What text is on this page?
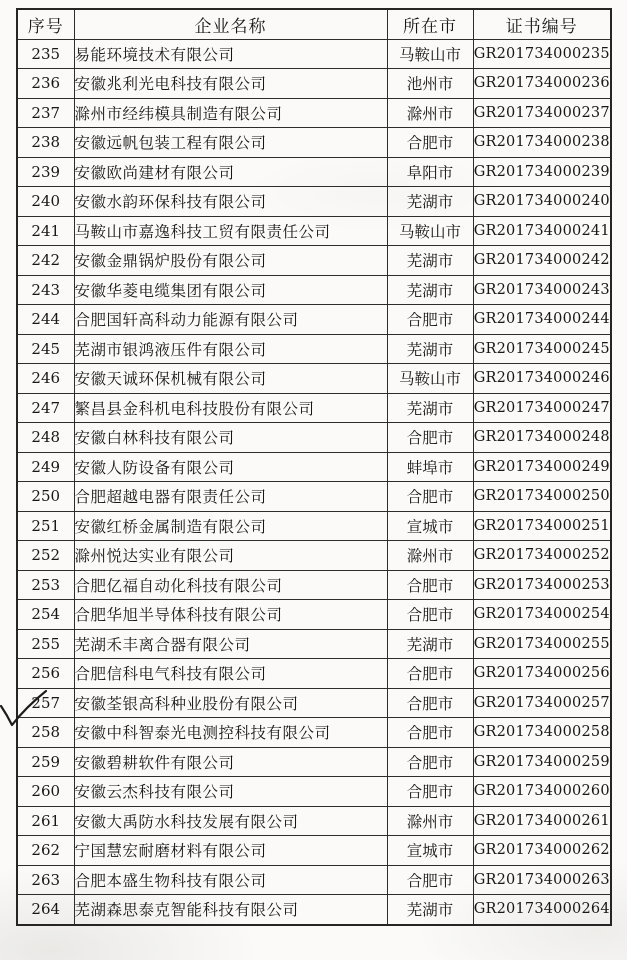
序号	企业名称	所在市	证书编号
235	易能环境技术有限公司	马鞍山市	GR201734000235
236	安徽兆利光电科技有限公司	池州市	GR201734000236
237	滁州市经纬模具制造有限公司	滁州市	GR201734000237
238	安徽远帆包装工程有限公司	合肥市	GR201734000238
239	安徽欧尚建材有限公司	阜阳市	GR201734000239
240	安徽水韵环保科技有限公司	芜湖市	GR201734000240
241	马鞍山市嘉逸科技工贸有限责任公司	马鞍山市	GR201734000241
242	安徽金鼎锅炉股份有限公司	芜湖市	GR201734000242
243	安徽华菱电缆集团有限公司	芜湖市	GR201734000243
244	合肥国轩高科动力能源有限公司	合肥市	GR201734000244
245	芜湖市银鸿液压件有限公司	芜湖市	GR201734000245
246	安徽天诚环保机械有限公司	马鞍山市	GR201734000246
247	繁昌县金科机电科技股份有限公司	芜湖市	GR201734000247
248	安徽白林科技有限公司	合肥市	GR201734000248
249	安徽人防设备有限公司	蚌埠市	GR201734000249
250	合肥超越电器有限责任公司	合肥市	GR201734000250
251	安徽红桥金属制造有限公司	宣城市	GR201734000251
252	滁州悦达实业有限公司	滁州市	GR201734000252
253	合肥亿福自动化科技有限公司	合肥市	GR201734000253
254	合肥华旭半导体科技有限公司	合肥市	GR201734000254
255	芜湖禾丰离合器有限公司	芜湖市	GR201734000255
256	合肥信科电气科技有限公司	合肥市	GR201734000256
257	安徽荃银高科种业股份有限公司	合肥市	GR201734000257
258	安徽中科智泰光电测控科技有限公司	合肥市	GR201734000258
259	安徽碧耕软件有限公司	合肥市	GR201734000259
260	安徽云杰科技有限公司	合肥市	GR201734000260
261	安徽大禹防水科技发展有限公司	滁州市	GR201734000261
262	宁国慧宏耐磨材料有限公司	宣城市	GR201734000262
263	合肥本盛生物科技有限公司	合肥市	GR201734000263
264	芜湖森思泰克智能科技有限公司	芜湖市	GR201734000264
